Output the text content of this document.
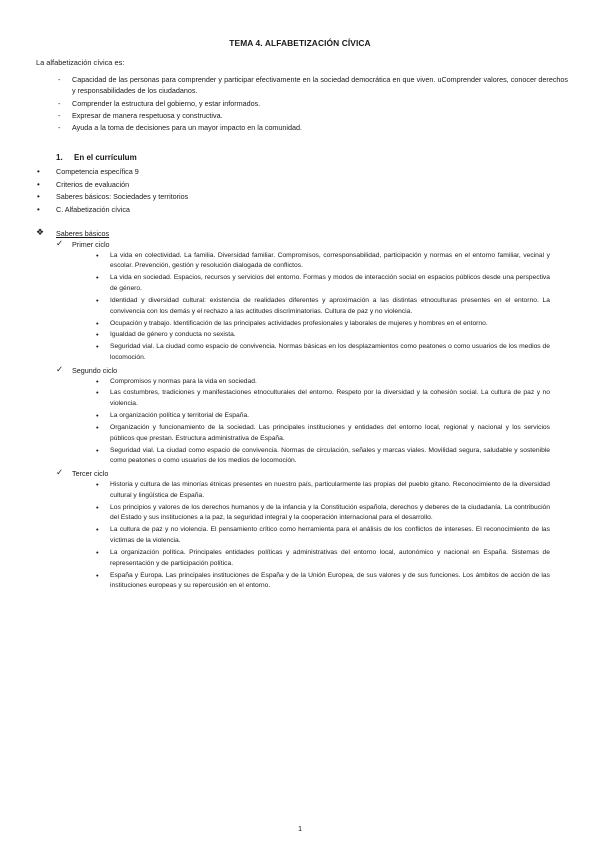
TEMA 4. ALFABETIZACIÓN CÍVICA
La alfabetización cívica es:
- Capacidad de las personas para comprender y participar efectivamente en la sociedad democrática en que viven. uComprender valores, conocer derechos y responsabilidades de los ciudadanos.
- Comprender la estructura del gobierno, y estar informados.
- Expresar de manera respetuosa y constructiva.
- Ayuda a la toma de decisiones para un mayor impacto en la comunidad.
1. En el currículum
• Competencia específica 9
• Criterios de evaluación
• Saberes básicos: Sociedades y territorios
• C. Alfabetización cívica
❖ Saberes básicos
✓ Primer ciclo
• La vida en colectividad. La familia. Diversidad familiar. Compromisos, corresponsabilidad, participación y normas en el entorno familiar, vecinal y escolar. Prevención, gestión y resolución dialogada de conflictos.
• La vida en sociedad. Espacios, recursos y servicios del entorno. Formas y modos de interacción social en espacios públicos desde una perspectiva de género.
• Identidad y diversidad cultural: existencia de realidades diferentes y aproximación a las distintas etnoculturas presentes en el entorno. La convivencia con los demás y el rechazo a las actitudes discriminatorias. Cultura de paz y no violencia.
• Ocupación y trabajo. Identificación de las principales actividades profesionales y laborales de mujeres y hombres en el entorno.
• Igualdad de género y conducta no sexista.
• Seguridad vial. La ciudad como espacio de convivencia. Normas básicas en los desplazamientos como peatones o como usuarios de los medios de locomoción.
✓ Segundo ciclo
• Compromisos y normas para la vida en sociedad.
• Las costumbres, tradiciones y manifestaciones etnoculturales del entorno. Respeto por la diversidad y la cohesión social. La cultura de paz y no violencia.
• La organización política y territorial de España.
• Organización y funcionamiento de la sociedad. Las principales instituciones y entidades del entorno local, regional y nacional y los servicios públicos que prestan. Estructura administrativa de España.
• Seguridad vial. La ciudad como espacio de convivencia. Normas de circulación, señales y marcas viales. Movilidad segura, saludable y sostenible como peatones o como usuarios de los medios de locomoción.
✓ Tercer ciclo
• Historia y cultura de las minorías étnicas presentes en nuestro país, particularmente las propias del pueblo gitano. Reconocimiento de la diversidad cultural y lingüística de España.
• Los principios y valores de los derechos humanos y de la infancia y la Constitución española, derechos y deberes de la ciudadanía. La contribución del Estado y sus instituciones a la paz, la seguridad integral y la cooperación internacional para el desarrollo.
• La cultura de paz y no violencia. El pensamiento crítico como herramienta para el análisis de los conflictos de intereses. El reconocimiento de las víctimas de la violencia.
• La organización política. Principales entidades políticas y administrativas del entorno local, autonómico y nacional en España. Sistemas de representación y de participación política.
• España y Europa. Las principales instituciones de España y de la Unión Europea, de sus valores y de sus funciones. Los ámbitos de acción de las instituciones europeas y su repercusión en el entorno.
1
